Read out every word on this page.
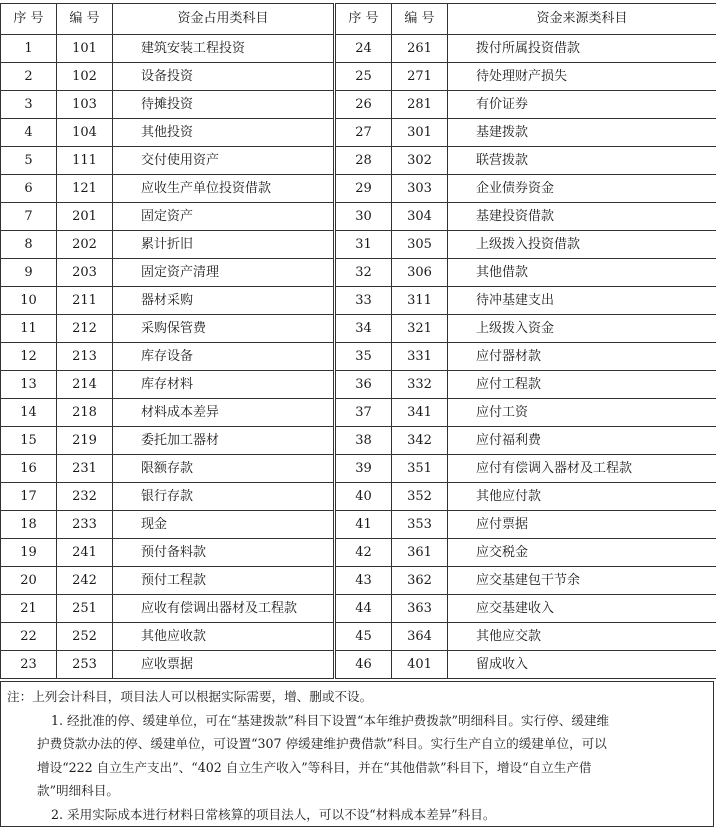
序 号	编 号	资金占用类科目	序 号	编 号	资金来源类科目
1	101	建筑安装工程投资	24	261	拨付所属投资借款
2	102	设备投资	25	271	待处理财产损失
3	103	待摊投资	26	281	有价证券
4	104	其他投资	27	301	基建拨款
5	111	交付使用资产	28	302	联营拨款
6	121	应收生产单位投资借款	29	303	企业债券资金
7	201	固定资产	30	304	基建投资借款
8	202	累计折旧	31	305	上级拨入投资借款
9	203	固定资产清理	32	306	其他借款
10	211	器材采购	33	311	待冲基建支出
11	212	采购保管费	34	321	上级拨入资金
12	213	库存设备	35	331	应付器材款
13	214	库存材料	36	332	应付工程款
14	218	材料成本差异	37	341	应付工资
15	219	委托加工器材	38	342	应付福利费
16	231	限额存款	39	351	应付有偿调入器材及工程款
17	232	银行存款	40	352	其他应付款
18	233	现金	41	353	应付票据
19	241	预付备料款	42	361	应交税金
20	242	预付工程款	43	362	应交基建包干节余
21	251	应收有偿调出器材及工程款	44	363	应交基建收入
22	252	其他应收款	45	364	其他应交款
23	253	应收票据	46	401	留成收入
注：上列会计科目，项目法人可以根据实际需要，增、删或不设。
1. 经批准的停、缓建单位，可在“基建拨款”科目下设置“本年维护费拨款”明细科目。实行停、缓建维
护费贷款办法的停、缓建单位，可设置“307 停缓建维护费借款”科目。实行生产自立的缓建单位，可以
增设“222 自立生产支出”、“402 自立生产收入”等科目，并在“其他借款”科目下，增设“自立生产借
款”明细科目。
2. 采用实际成本进行材料日常核算的项目法人，可以不设“材料成本差异”科目。
